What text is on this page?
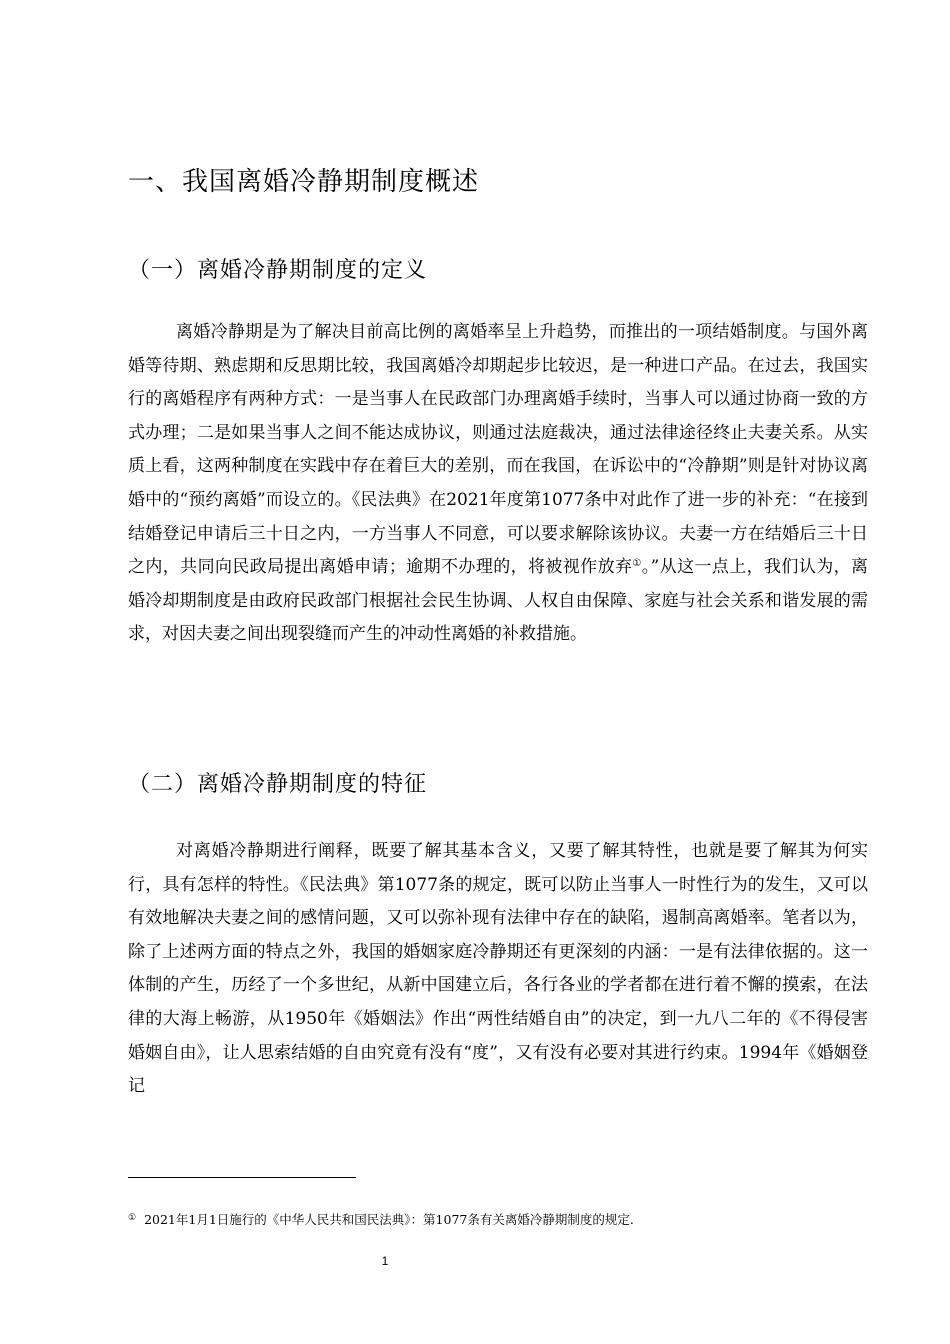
一、我国离婚冷静期制度概述
（一）离婚冷静期制度的定义

离婚冷静期是为了解决目前高比例的离婚率呈上升趋势，而推出的一项结婚制度。与国外离婚等待期、熟虑期和反思期比较，我国离婚冷却期起步比较迟，是一种进口产品。在过去，我国实行的离婚程序有两种方式：一是当事人在民政部门办理离婚手续时，当事人可以通过协商一致的方式办理；二是如果当事人之间不能达成协议，则通过法庭裁决，通过法律途径终止夫妻关系。从实质上看，这两种制度在实践中存在着巨大的差别，而在我国，在诉讼中的“冷静期”则是针对协议离婚中的“预约离婚”而设立的。《民法典》在2021年度第1077条中对此作了进一步的补充：“在接到结婚登记申请后三十日之内，一方当事人不同意，可以要求解除该协议。夫妻一方在结婚后三十日之内，共同向民政局提出离婚申请；逾期不办理的，将被视作放弃①。”从这一点上，我们认为，离婚冷却期制度是由政府民政部门根据社会民生协调、人权自由保障、家庭与社会关系和谐发展的需求，对因夫妻之间出现裂缝而产生的冲动性离婚的补救措施。

（二）离婚冷静期制度的特征

对离婚冷静期进行阐释，既要了解其基本含义，又要了解其特性，也就是要了解其为何实行，具有怎样的特性。《民法典》第1077条的规定，既可以防止当事人一时性行为的发生，又可以有效地解决夫妻之间的感情问题，又可以弥补现有法律中存在的缺陷，遏制高离婚率。笔者以为，除了上述两方面的特点之外，我国的婚姻家庭冷静期还有更深刻的内涵：一是有法律依据的。这一体制的产生，历经了一个多世纪，从新中国建立后，各行各业的学者都在进行着不懈的摸索，在法律的大海上畅游，从1950年《婚姻法》作出“两性结婚自由”的决定，到一九八二年的《不得侵害婚姻自由》，让人思索结婚的自由究竟有没有“度”，又有没有必要对其进行约束。1994年《婚姻登记

① 2021年1月1日施行的《中华人民共和国民法典》：第1077条有关离婚冷静期制度的规定.
1
